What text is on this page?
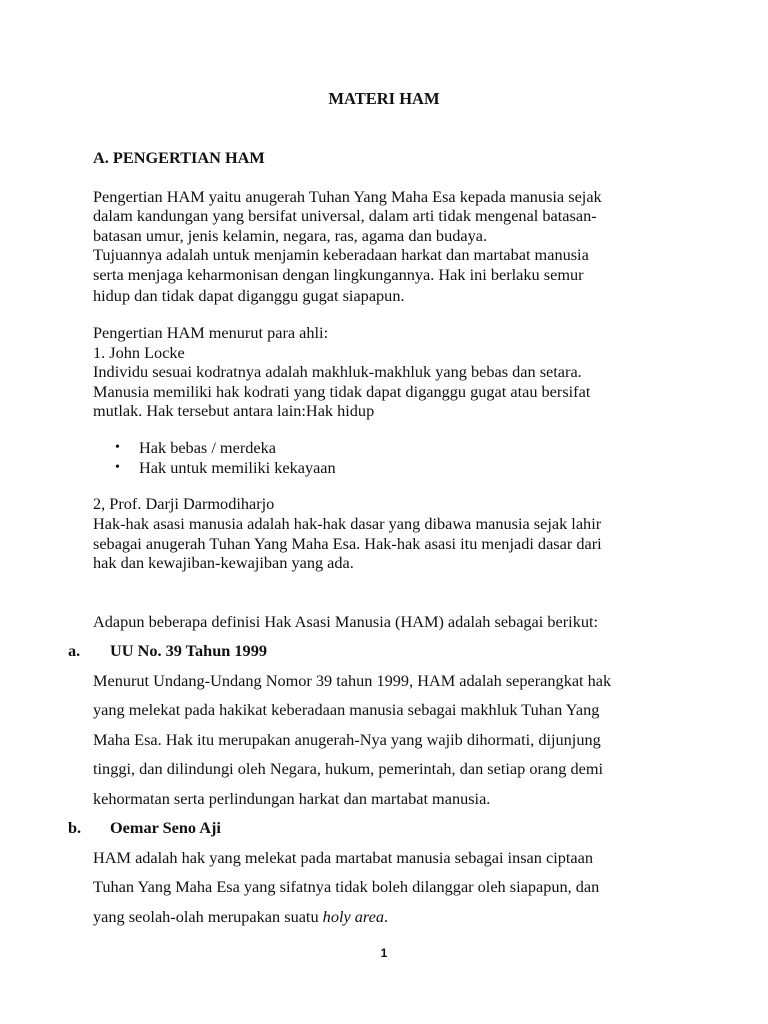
MATERI HAM
A. PENGERTIAN HAM
Pengertian HAM yaitu anugerah Tuhan Yang Maha Esa kepada manusia sejak
dalam kandungan yang bersifat universal, dalam arti tidak mengenal batasan-
batasan umur, jenis kelamin, negara, ras, agama dan budaya.
Tujuannya adalah untuk menjamin keberadaan harkat dan martabat manusia
serta menjaga keharmonisan dengan lingkungannya. Hak ini berlaku semur
hidup dan tidak dapat diganggu gugat siapapun.
Pengertian HAM menurut para ahli:
1. John Locke
Individu sesuai kodratnya adalah makhluk-makhluk yang bebas dan setara.
Manusia memiliki hak kodrati yang tidak dapat diganggu gugat atau bersifat
mutlak. Hak tersebut antara lain:Hak hidup
• Hak bebas / merdeka
• Hak untuk memiliki kekayaan
2, Prof. Darji Darmodiharjo
Hak-hak asasi manusia adalah hak-hak dasar yang dibawa manusia sejak lahir
sebagai anugerah Tuhan Yang Maha Esa. Hak-hak asasi itu menjadi dasar dari
hak dan kewajiban-kewajiban yang ada.
Adapun beberapa definisi Hak Asasi Manusia (HAM) adalah sebagai berikut:
a. UU No. 39 Tahun 1999
Menurut Undang-Undang Nomor 39 tahun 1999, HAM adalah seperangkat hak
yang melekat pada hakikat keberadaan manusia sebagai makhluk Tuhan Yang
Maha Esa. Hak itu merupakan anugerah-Nya yang wajib dihormati, dijunjung
tinggi, dan dilindungi oleh Negara, hukum, pemerintah, dan setiap orang demi
kehormatan serta perlindungan harkat dan martabat manusia.
b. Oemar Seno Aji
HAM adalah hak yang melekat pada martabat manusia sebagai insan ciptaan
Tuhan Yang Maha Esa yang sifatnya tidak boleh dilanggar oleh siapapun, dan
yang seolah-olah merupakan suatu holy area.
1
